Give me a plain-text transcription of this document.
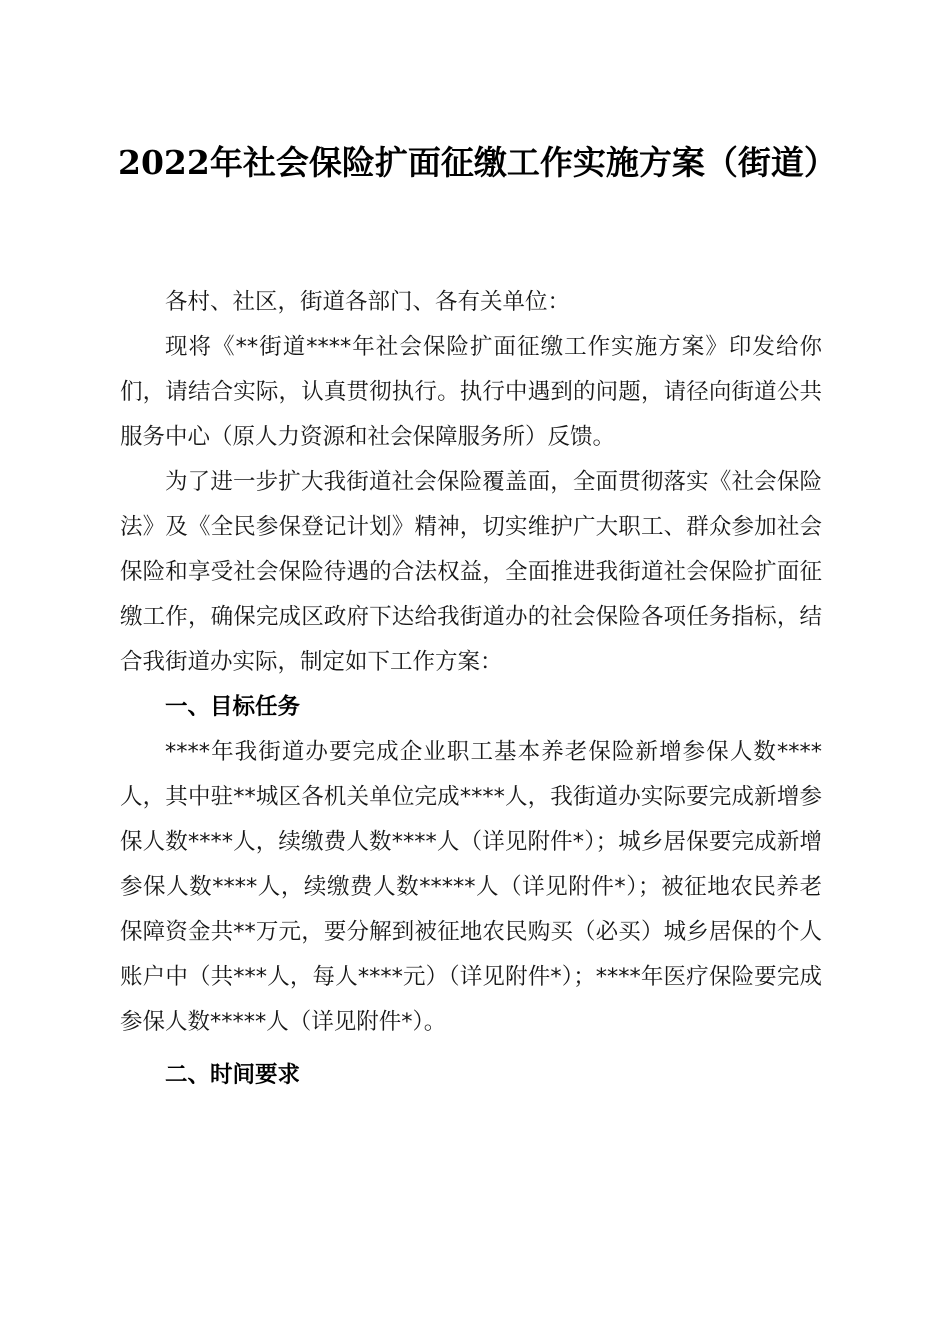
2022年社会保险扩面征缴工作实施方案（街道）

各村、社区，街道各部门、各有关单位：

现将《**街道****年社会保险扩面征缴工作实施方案》印发给你们，请结合实际，认真贯彻执行。执行中遇到的问题，请径向街道公共服务中心（原人力资源和社会保障服务所）反馈。

为了进一步扩大我街道社会保险覆盖面，全面贯彻落实《社会保险法》及《全民参保登记计划》精神，切实维护广大职工、群众参加社会保险和享受社会保险待遇的合法权益，全面推进我街道社会保险扩面征缴工作，确保完成区政府下达给我街道办的社会保险各项任务指标，结合我街道办实际，制定如下工作方案：

一、目标任务

****年我街道办要完成企业职工基本养老保险新增参保人数****人，其中驻**城区各机关单位完成****人，我街道办实际要完成新增参保人数****人，续缴费人数****人（详见附件*）；城乡居保要完成新增参保人数****人，续缴费人数*****人（详见附件*）；被征地农民养老保障资金共**万元，要分解到被征地农民购买（必买）城乡居保的个人账户中（共***人，每人****元）（详见附件*）；****年医疗保险要完成参保人数*****人（详见附件*）。

二、时间要求
